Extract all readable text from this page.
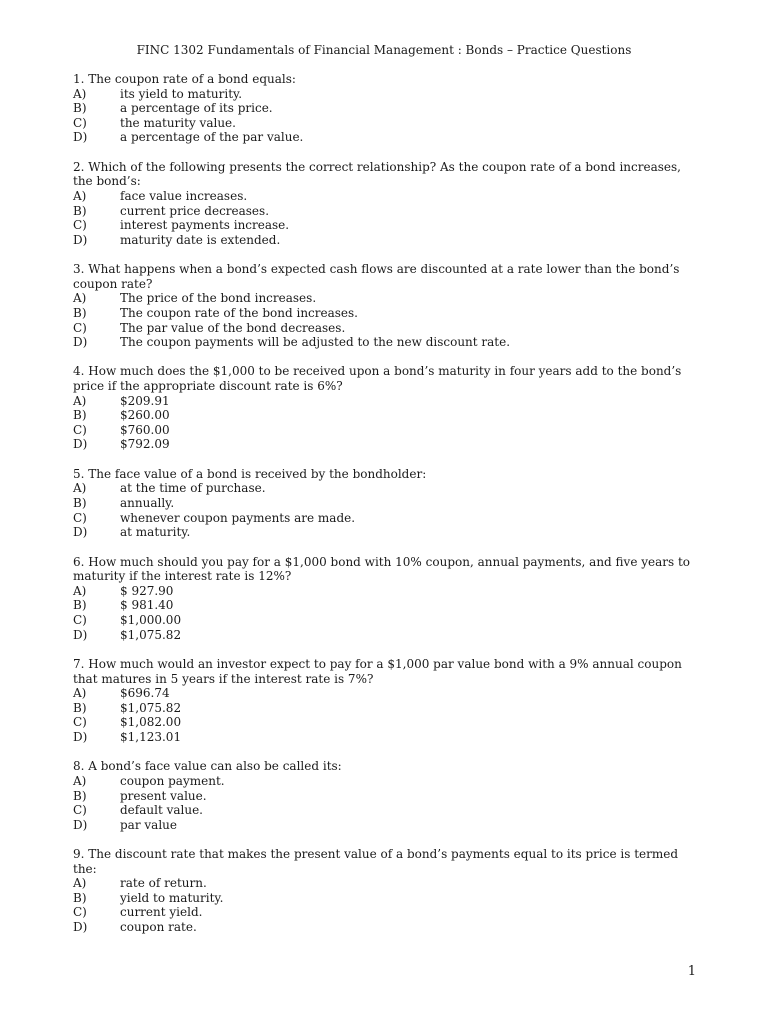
FINC 1302 Fundamentals of Financial Management : Bonds – Practice Questions
1. The coupon rate of a bond equals:
A)	its yield to maturity.
B)	a percentage of its price.
C)	the maturity value.
D)	a percentage of the par value.
2. Which of the following presents the correct relationship? As the coupon rate of a bond increases, the bond’s:
A)	face value increases.
B)	current price decreases.
C)	interest payments increase.
D)	maturity date is extended.
3. What happens when a bond’s expected cash flows are discounted at a rate lower than the bond’s coupon rate?
A)	The price of the bond increases.
B)	The coupon rate of the bond increases.
C)	The par value of the bond decreases.
D)	The coupon payments will be adjusted to the new discount rate.
4. How much does the $1,000 to be received upon a bond’s maturity in four years add to the bond’s price if the appropriate discount rate is 6%?
A)	$209.91
B)	$260.00
C)	$760.00
D)	$792.09
5. The face value of a bond is received by the bondholder:
A)	at the time of purchase.
B)	annually.
C)	whenever coupon payments are made.
D)	at maturity.
6. How much should you pay for a $1,000 bond with 10% coupon, annual payments, and five years to maturity if the interest rate is 12%?
A)	$ 927.90
B)	$ 981.40
C)	$1,000.00
D)	$1,075.82
7. How much would an investor expect to pay for a $1,000 par value bond with a 9% annual coupon that matures in 5 years if the interest rate is 7%?
A)	$696.74
B)	$1,075.82
C)	$1,082.00
D)	$1,123.01
8. A bond’s face value can also be called its:
A)	coupon payment.
B)	present value.
C)	default value.
D)	par value
9. The discount rate that makes the present value of a bond’s payments equal to its price is termed the:
A)	rate of return.
B)	yield to maturity.
C)	current yield.
D)	coupon rate.
1
